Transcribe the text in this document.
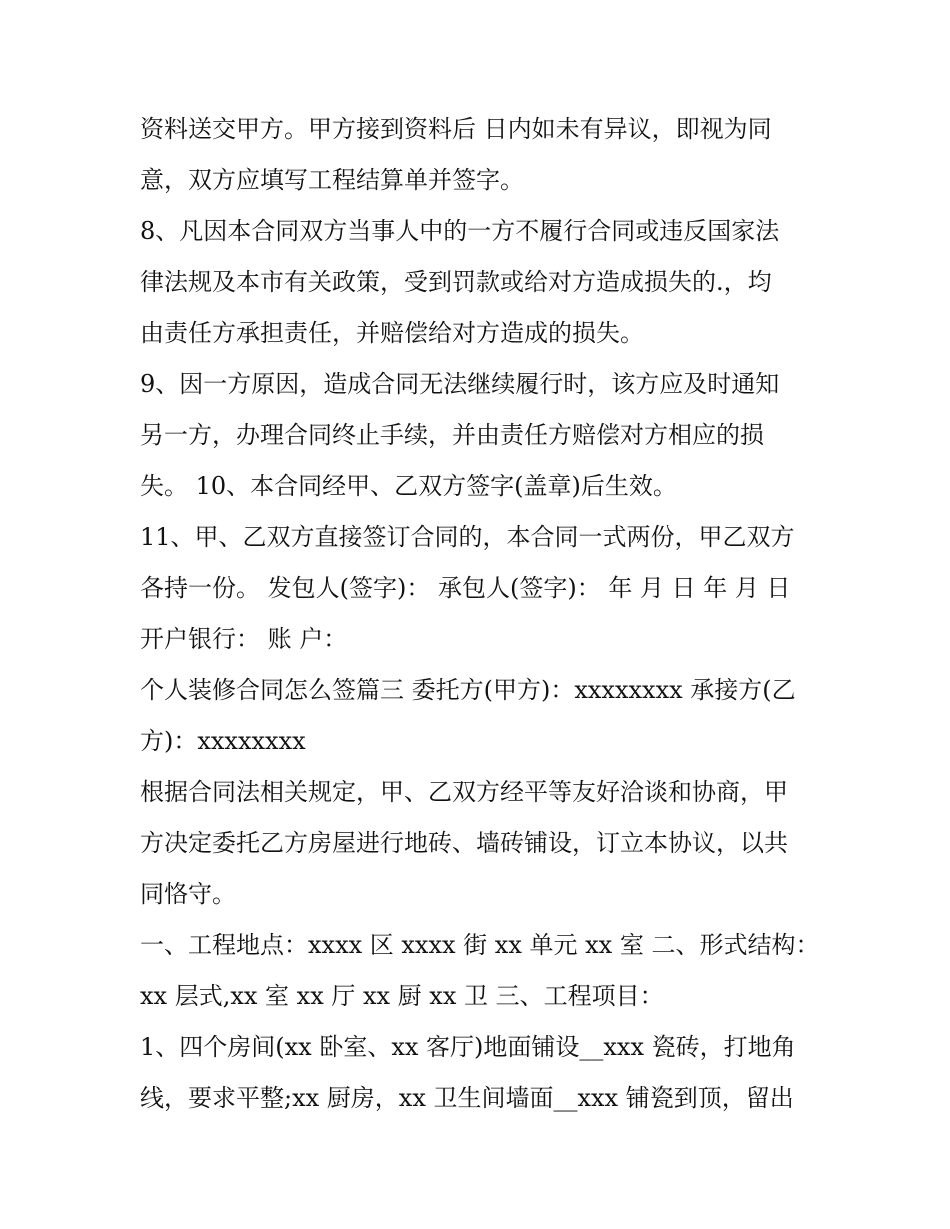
资料送交甲方。甲方接到资料后 日内如未有异议，即视为同
意，双方应填写工程结算单并签字。
8、凡因本合同双方当事人中的一方不履行合同或违反国家法
律法规及本市有关政策，受到罚款或给对方造成损失的.，均
由责任方承担责任，并赔偿给对方造成的损失。
9、因一方原因，造成合同无法继续履行时，该方应及时通知
另一方，办理合同终止手续，并由责任方赔偿对方相应的损
失。 10、本合同经甲、乙双方签字(盖章)后生效。
11、甲、乙双方直接签订合同的，本合同一式两份，甲乙双方
各持一份。 发包人(签字)： 承包人(签字)： 年 月 日 年 月 日
开户银行： 账 户：
个人装修合同怎么签篇三 委托方(甲方)：xxxxxxxx 承接方(乙
方)：xxxxxxxx
根据合同法相关规定，甲、乙双方经平等友好洽谈和协商，甲
方决定委托乙方房屋进行地砖、墙砖铺设，订立本协议，以共
同恪守。
一、工程地点：xxxx 区 xxxx 街 xx 单元 xx 室 二、形式结构：
xx 层式,xx 室 xx 厅 xx 厨 xx 卫 三、工程项目：
1、四个房间(xx 卧室、xx 客厅)地面铺设__xxx 瓷砖，打地角
线，要求平整;xx 厨房，xx 卫生间墙面__xxx 铺瓷到顶，留出
